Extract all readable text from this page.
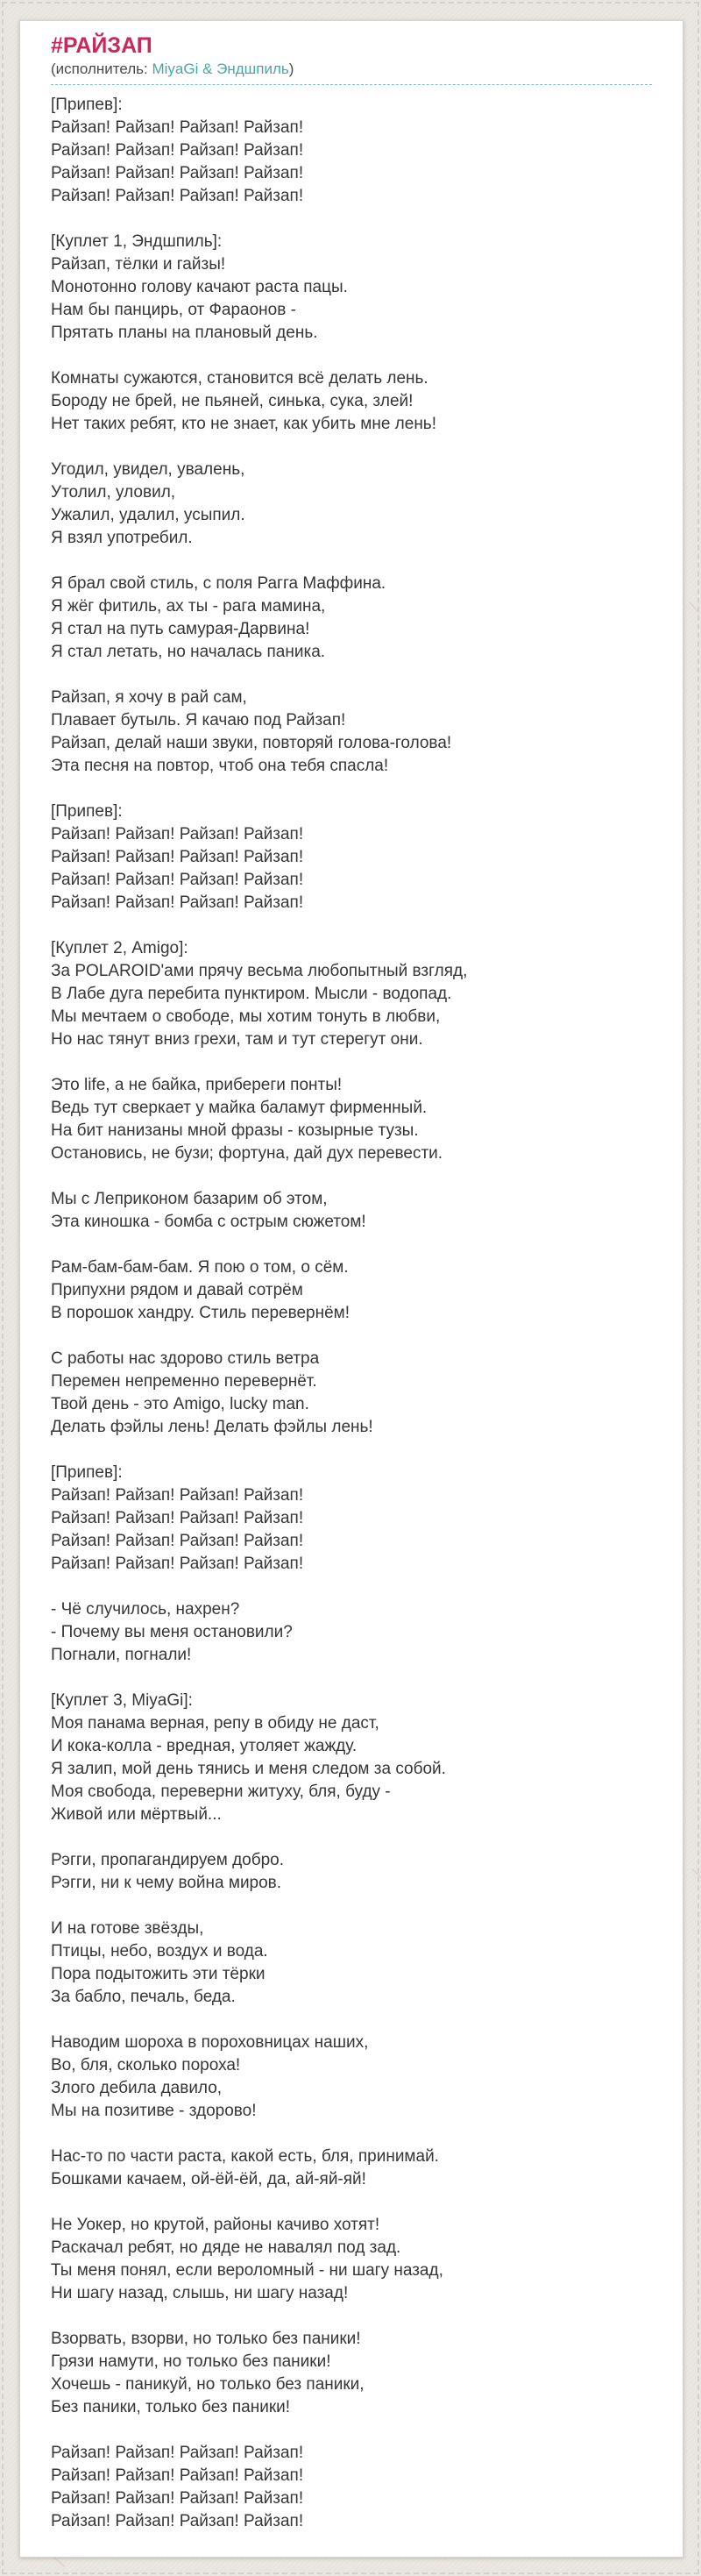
#РАЙЗАП
(исполнитель: MiyaGi & Эндшпиль)

[Припев]:
Райзап! Райзап! Райзап! Райзап!
Райзап! Райзап! Райзап! Райзап!
Райзап! Райзап! Райзап! Райзап!
Райзап! Райзап! Райзап! Райзап!

[Куплет 1, Эндшпиль]:
Райзап, тёлки и гайзы!
Монотонно голову качают раста пацы.
Нам бы панцирь, от Фараонов -
Прятать планы на плановый день.

Комнаты сужаются, становится всё делать лень.
Бороду не брей, не пьяней, синька, сука, злей!
Нет таких ребят, кто не знает, как убить мне лень!

Угодил, увидел, увалень,
Утолил, уловил,
Ужалил, удалил, усыпил.
Я взял употребил.

Я брал свой стиль, с поля Рагга Маффина.
Я жёг фитиль, ах ты - рага мамина,
Я стал на путь самурая-Дарвина!
Я стал летать, но началась паника.

Райзап, я хочу в рай сам,
Плавает бутыль. Я качаю под Райзап!
Райзап, делай наши звуки, повторяй голова-голова!
Эта песня на повтор, чтоб она тебя спасла!

[Припев]:
Райзап! Райзап! Райзап! Райзап!
Райзап! Райзап! Райзап! Райзап!
Райзап! Райзап! Райзап! Райзап!
Райзап! Райзап! Райзап! Райзап!

[Куплет 2, Amigo]:
За POLAROID'ами прячу весьма любопытный взгляд,
В Лабе дуга перебита пунктиром. Мысли - водопад.
Мы мечтаем о свободе, мы хотим тонуть в любви,
Но нас тянут вниз грехи, там и тут стерегут они.

Это life, а не байка, прибереги понты!
Ведь тут сверкает у майка баламут фирменный.
На бит нанизаны мной фразы - козырные тузы.
Остановись, не бузи; фортуна, дай дух перевести.

Мы с Леприконом базарим об этом,
Эта киношка - бомба с острым сюжетом!

Рам-бам-бам-бам. Я пою о том, о сём.
Припухни рядом и давай сотрём
В порошок хандру. Стиль перевернём!

С работы нас здорово стиль ветра
Перемен непременно перевернёт.
Твой день - это Amigo, lucky man.
Делать фэйлы лень! Делать фэйлы лень!

[Припев]:
Райзап! Райзап! Райзап! Райзап!
Райзап! Райзап! Райзап! Райзап!
Райзап! Райзап! Райзап! Райзап!
Райзап! Райзап! Райзап! Райзап!

- Чё случилось, нахрен?
- Почему вы меня остановили?
Погнали, погнали!

[Куплет 3, MiyaGi]:
Моя панама верная, репу в обиду не даст,
И кока-колла - вредная, утоляет жажду.
Я залип, мой день тянись и меня следом за собой.
Моя свобода, переверни житуху, бля, буду -
Живой или мёртвый...

Рэгги, пропагандируем добро.
Рэгги, ни к чему война миров.

И на готове звёзды,
Птицы, небо, воздух и вода.
Пора подытожить эти тёрки
За бабло, печаль, беда.

Наводим шороха в пороховницах наших,
Во, бля, сколько пороха!
Злого дебила давило,
Мы на позитиве - здорово!

Нас-то по части раста, какой есть, бля, принимай.
Бошками качаем, ой-ёй-ёй, да, ай-яй-яй!

Не Уокер, но крутой, районы качиво хотят!
Раскачал ребят, но дяде не навалял под зад.
Ты меня понял, если вероломный - ни шагу назад,
Ни шагу назад, слышь, ни шагу назад!

Взорвать, взорви, но только без паники!
Грязи намути, но только без паники!
Хочешь - паникуй, но только без паники,
Без паники, только без паники!

Райзап! Райзап! Райзап! Райзап!
Райзап! Райзап! Райзап! Райзап!
Райзап! Райзап! Райзап! Райзап!
Райзап! Райзап! Райзап! Райзап!
